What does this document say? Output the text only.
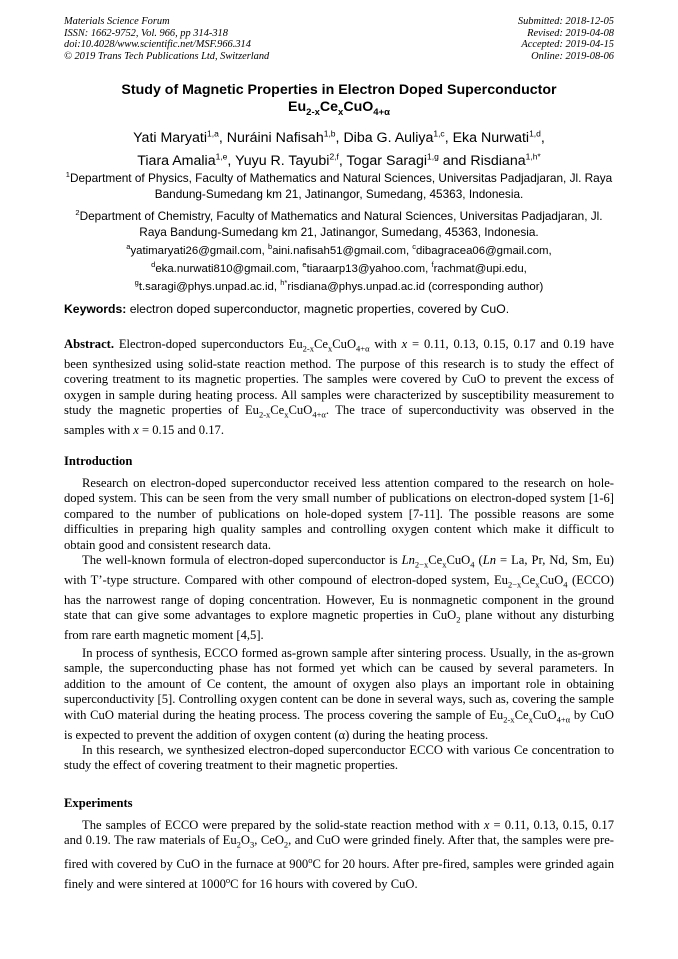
Materials Science Forum
ISSN: 1662-9752, Vol. 966, pp 314-318
doi:10.4028/www.scientific.net/MSF.966.314
© 2019 Trans Tech Publications Ltd, Switzerland
Submitted: 2018-12-05
Revised: 2019-04-08
Accepted: 2019-04-15
Online: 2019-08-06
Study of Magnetic Properties in Electron Doped Superconductor
$Eu_{2-x}Ce_xCuO_{4+\alpha}$
Yati Maryati$^{1,a}$, Nuráini Nafisah$^{1,b}$, Diba G. Auliya$^{1,c}$, Eka Nurwati$^{1,d}$,
Tiara Amalia$^{1,e}$, Yuyu R. Tayubi$^{2,f}$, Togar Saragi$^{1,g}$ and Risdiana$^{1,h*}$
$^1$Department of Physics, Faculty of Mathematics and Natural Sciences, Universitas Padjadjaran, Jl. Raya Bandung-Sumedang km 21, Jatinangor, Sumedang, 45363, Indonesia.
$^2$Department of Chemistry, Faculty of Mathematics and Natural Sciences, Universitas Padjadjaran, Jl. Raya Bandung-Sumedang km 21, Jatinangor, Sumedang, 45363, Indonesia.
$^a$yatimaryati26@gmail.com, $^b$aini.nafisah51@gmail.com, $^c$dibagracea06@gmail.com,
$^d$eka.nurwati810@gmail.com, $^e$tiaraarp13@yahoo.com, $^f$rachmat@upi.edu,
$^g$t.saragi@phys.unpad.ac.id, $^{h*}$risdiana@phys.unpad.ac.id (corresponding author)
Keywords: electron doped superconductor, magnetic properties, covered by CuO.
Abstract. Electron-doped superconductors $Eu_{2-x}Ce_xCuO_{4+\alpha}$ with x = 0.11, 0.13, 0.15, 0.17 and 0.19 have been synthesized using solid-state reaction method. The purpose of this research is to study the effect of covering treatment to its magnetic properties. The samples were covered by CuO to prevent the excess of oxygen in sample during heating process. All samples were characterized by susceptibility measurement to study the magnetic properties of $Eu_{2-x}Ce_xCuO_{4+\alpha}$. The trace of superconductivity was observed in the samples with x = 0.15 and 0.17.
Introduction
Research on electron-doped superconductor received less attention compared to the research on hole-doped system. This can be seen from the very small number of publications on electron-doped system [1-6] compared to the number of publications on hole-doped system [7-11]. The possible reasons are some difficulties in preparing high quality samples and controlling oxygen content which make it difficult to obtain good and consistent research data.
The well-known formula of electron-doped superconductor is $Ln_{2-x}Ce_xCuO_4$ (Ln = La, Pr, Nd, Sm, Eu) with T’-type structure. Compared with other compound of electron-doped system, $Eu_{2-x}Ce_xCuO_4$ (ECCO) has the narrowest range of doping concentration. However, Eu is nonmagnetic component in the ground state that can give some advantages to explore magnetic properties in CuO$_2$ plane without any disturbing from rare earth magnetic moment [4,5].
In process of synthesis, ECCO formed as-grown sample after sintering process. Usually, in the as-grown sample, the superconducting phase has not formed yet which can be caused by several parameters. In addition to the amount of Ce content, the amount of oxygen also plays an important role in obtaining superconductivity [5]. Controlling oxygen content can be done in several ways, such as, covering the sample with CuO material during the heating process. The process covering the sample of $Eu_{2-x}Ce_xCuO_{4+\alpha}$ by CuO is expected to prevent the addition of oxygen content (α) during the heating process.
In this research, we synthesized electron-doped superconductor ECCO with various Ce concentration to study the effect of covering treatment to their magnetic properties.
Experiments
The samples of ECCO were prepared by the solid-state reaction method with x = 0.11, 0.13, 0.15, 0.17 and 0.19. The raw materials of $Eu_2O_3$, CeO$_2$, and CuO were grinded finely. After that, the samples were pre-fired with covered by CuO in the furnace at 900$^o$C for 20 hours. After pre-fired, samples were grinded again finely and were sintered at 1000$^o$C for 16 hours with covered by CuO.
